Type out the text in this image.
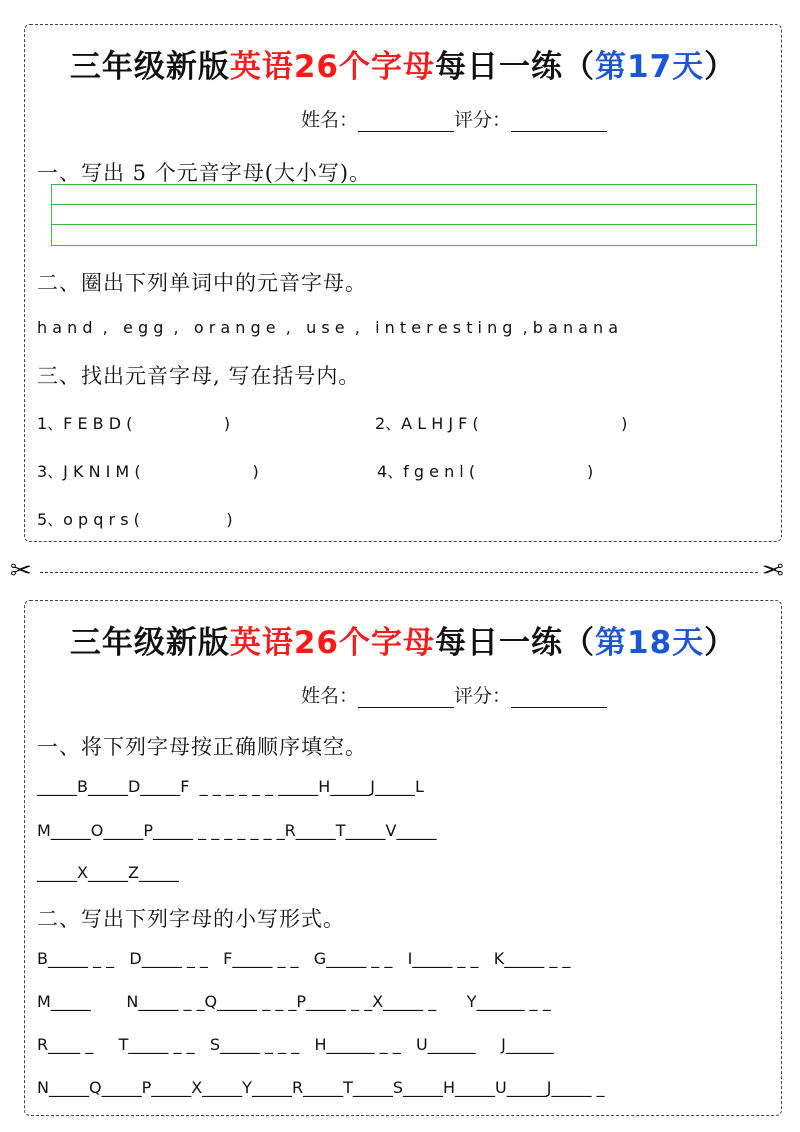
三年级新版英语26个字母每日一练（第17天）
姓名：	评分：
一、写出 5 个元音字母(大小写)。
二、圈出下列单词中的元音字母。
h a n d  ,   e g g  ,   o r a n g e  ,   u s e  ,   i n t e r e s t i n g  , b a n a n a
三、找出元音字母, 写在括号内。
1、F E B D (                  )	2、A L H J F (                            )
3、J K N I M (                      )	4、f g e n l (                      )
5、o p q r s (                 )
✂	✂
三年级新版英语26个字母每日一练（第18天）
姓名：	评分：
一、将下列字母按正确顺序填空。
_____B_____D_____F  _ _ _ _ _ _ _____H_____J_____L
M_____O_____P_____ _ _ _ _ _ _ _R_____T_____V_____
_____X_____Z_____
二、写出下列字母的小写形式。
B_____ _ _   D_____ _ _   F_____ _ _   G_____ _ _   I_____ _ _   K_____ _ _
M_____       N_____ _ _Q_____ _ _ _P_____ _ _X_____ _      Y______ _ _
R____ _     T_____ _ _   S_____ _ _ _   H______ _ _   U______     J______
N_____Q_____P_____X_____Y_____R_____T_____S_____H_____U_____J_____ _
